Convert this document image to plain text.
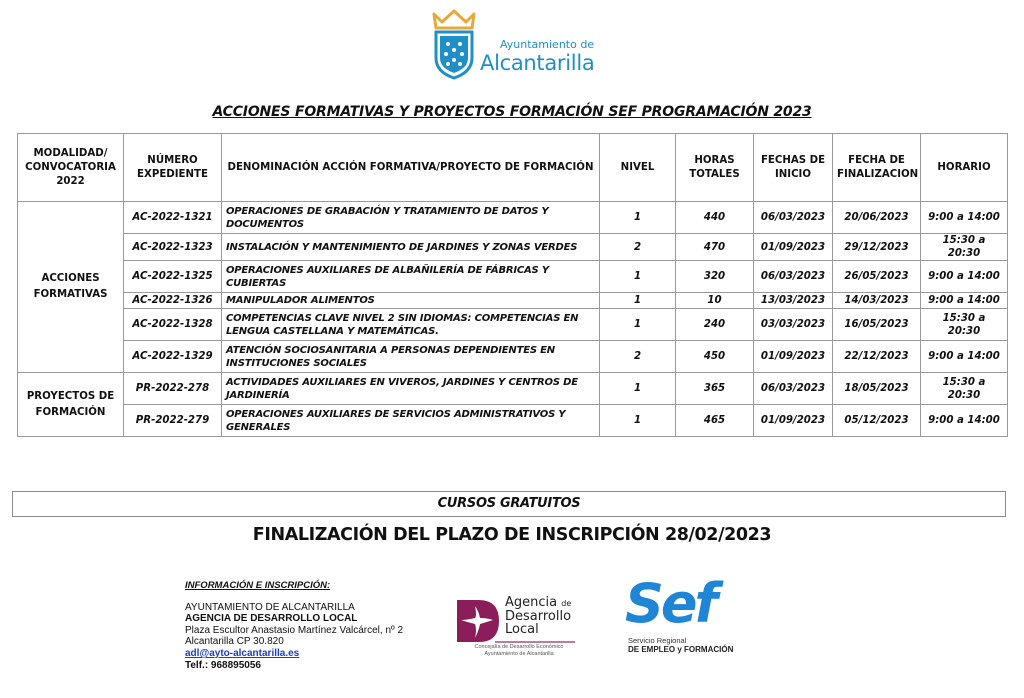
Ayuntamiento de
Alcantarilla
ACCIONES FORMATIVAS Y PROYECTOS FORMACIÓN SEF PROGRAMACIÓN 2023
MODALIDAD/ CONVOCATORIA 2022	NÚMERO EXPEDIENTE	DENOMINACIÓN ACCIÓN FORMATIVA/PROYECTO DE FORMACIÓN	NIVEL	HORAS TOTALES	FECHAS DE INICIO	FECHA DE FINALIZACION	HORARIO
ACCIONES FORMATIVAS	AC-2022-1321	OPERACIONES DE GRABACIÓN Y TRATAMIENTO DE DATOS Y DOCUMENTOS	1	440	06/03/2023	20/06/2023	9:00 a 14:00
	AC-2022-1323	INSTALACIÓN Y MANTENIMIENTO DE JARDINES Y ZONAS VERDES	2	470	01/09/2023	29/12/2023	15:30 a 20:30
	AC-2022-1325	OPERACIONES AUXILIARES DE ALBAÑILERÍA DE FÁBRICAS Y CUBIERTAS	1	320	06/03/2023	26/05/2023	9:00 a 14:00
	AC-2022-1326	MANIPULADOR ALIMENTOS	1	10	13/03/2023	14/03/2023	9:00 a 14:00
	AC-2022-1328	COMPETENCIAS CLAVE NIVEL 2 SIN IDIOMAS: COMPETENCIAS EN LENGUA CASTELLANA Y MATEMÁTICAS.	1	240	03/03/2023	16/05/2023	15:30 a 20:30
	AC-2022-1329	ATENCIÓN SOCIOSANITARIA A PERSONAS DEPENDIENTES EN INSTITUCIONES SOCIALES	2	450	01/09/2023	22/12/2023	9:00 a 14:00
PROYECTOS DE FORMACIÓN	PR-2022-278	ACTIVIDADES AUXILIARES EN VIVEROS, JARDINES Y CENTROS DE JARDINERÍA	1	365	06/03/2023	18/05/2023	15:30 a 20:30
	PR-2022-279	OPERACIONES AUXILIARES DE SERVICIOS ADMINISTRATIVOS Y GENERALES	1	465	01/09/2023	05/12/2023	9:00 a 14:00
CURSOS GRATUITOS
FINALIZACIÓN DEL PLAZO DE INSCRIPCIÓN 28/02/2023
INFORMACIÓN E INSCRIPCIÓN:
AYUNTAMIENTO DE ALCANTARILLA
AGENCIA DE DESARROLLO LOCAL
Plaza Escultor Anastasio Martínez Valcárcel, nº 2
Alcantarilla CP 30.820
adl@ayto-alcantarilla.es
Telf.: 968895056
Agencia de
Desarrollo
Local
Concejalía de Desarrollo Económico
Ayuntamiento de Alcantarilla
Sef
Servicio Regional
DE EMPLEO y FORMACIÓN
